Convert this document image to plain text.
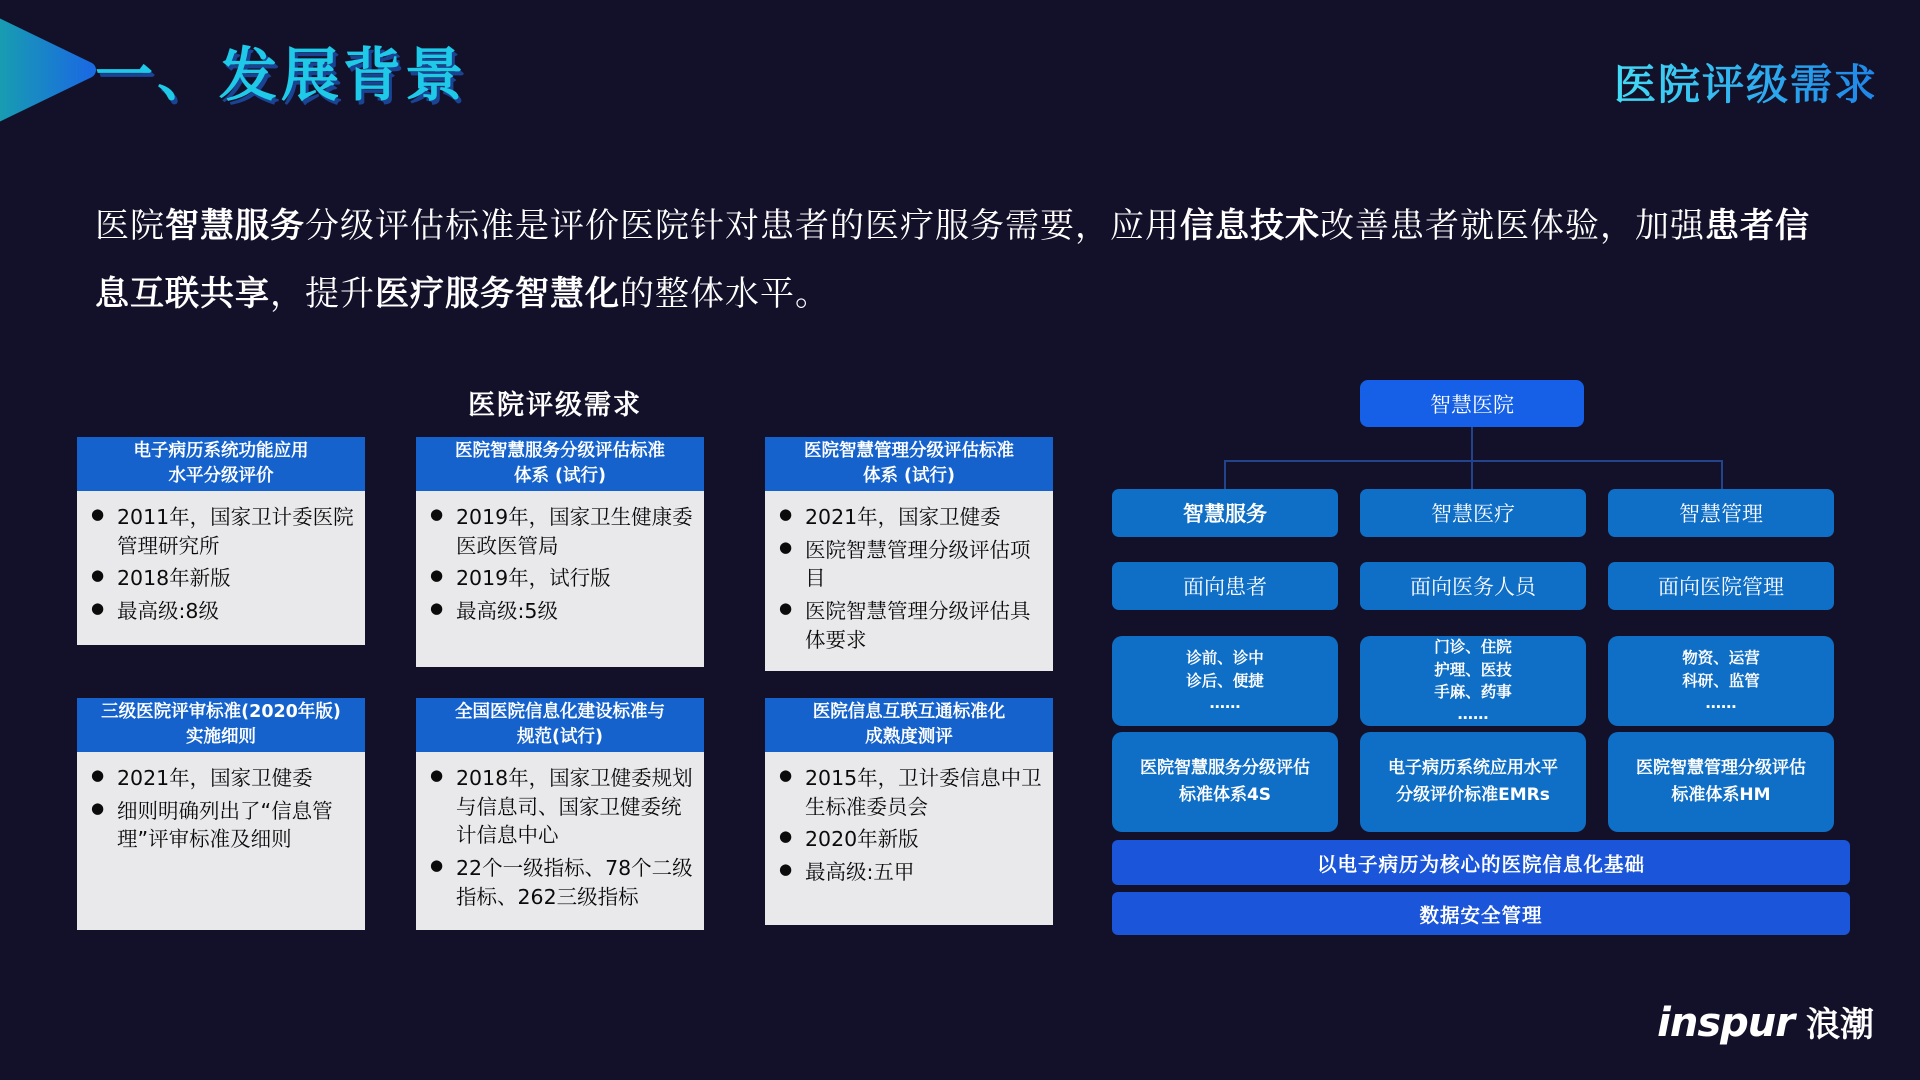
一、发展背景	医院评级需求

医院智慧服务分级评估标准是评价医院针对患者的医疗服务需要，应用信息技术改善患者就医体验，加强患者信息互联共享，提升医疗服务智慧化的整体水平。

医院评级需求
电子病历系统功能应用
水平分级评价
● 2011年，国家卫计委医院管理研究所
● 2018年新版
● 最高级:8级
医院智慧服务分级评估标准
体系 (试行)
● 2019年，国家卫生健康委医政医管局
● 2019年，试行版
● 最高级:5级
医院智慧管理分级评估标准
体系 (试行)
● 2021年，国家卫健委
● 医院智慧管理分级评估项目
● 医院智慧管理分级评估具体要求
三级医院评审标准(2020年版)
实施细则
● 2021年，国家卫健委
● 细则明确列出了“信息管理”评审标准及细则
全国医院信息化建设标准与
规范(试行)
● 2018年，国家卫健委规划与信息司、国家卫健委统计信息中心
● 22个一级指标、78个二级指标、262三级指标
医院信息互联互通标准化
成熟度测评
● 2015年，卫计委信息中卫生标准委员会
● 2020年新版
● 最高级:五甲
智慧医院
智慧服务	智慧医疗	智慧管理
面向患者	面向医务人员	面向医院管理
诊前、诊中
诊后、便捷
……
门诊、住院
护理、医技
手麻、药事
……
物资、运营
科研、监管
……
医院智慧服务分级评估
标准体系4S
电子病历系统应用水平
分级评价标准EMRs
医院智慧管理分级评估
标准体系HM
以电子病历为核心的医院信息化基础
数据安全管理
inspur 浪潮
